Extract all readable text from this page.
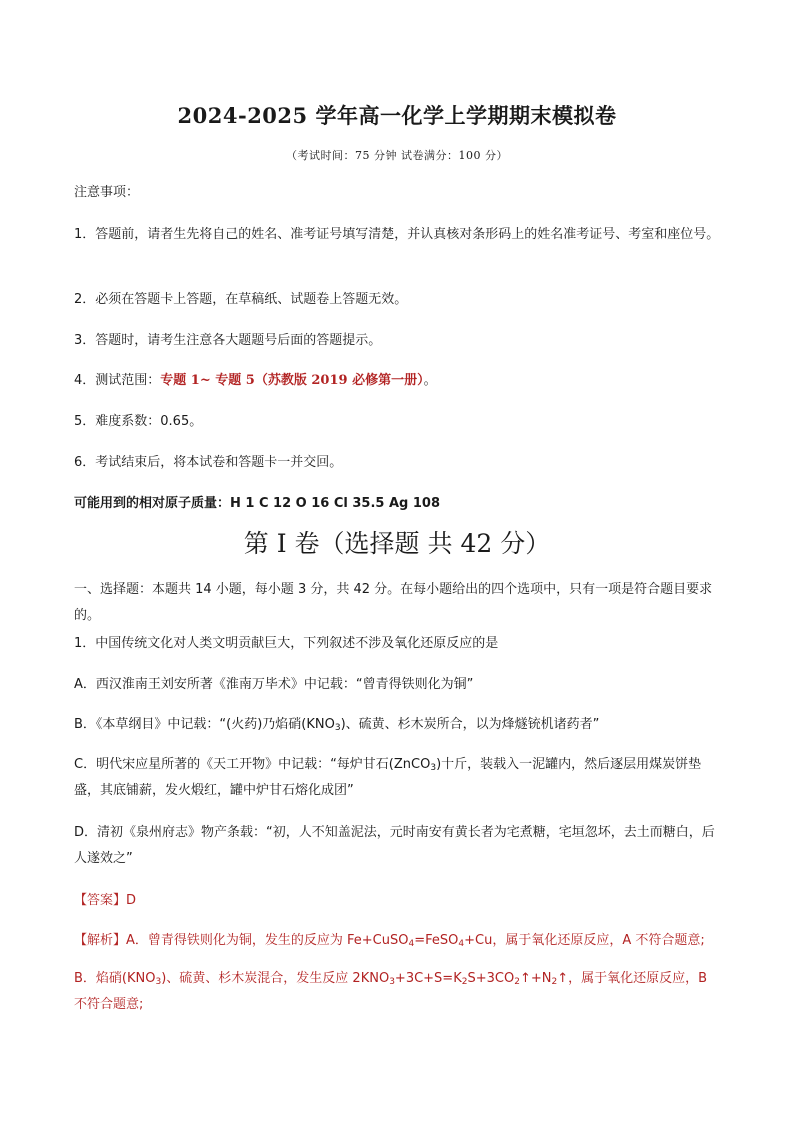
2024-2025 学年高一化学上学期期末模拟卷
（考试时间：75 分钟 试卷满分：100 分）
注意事项：
1．答题前，请者生先将自己的姓名、准考证号填写清楚，并认真核对条形码上的姓名准考证号、考室和座位号。
2．必须在答题卡上答题，在草稿纸、试题卷上答题无效。
3．答题时，请考生注意各大题题号后面的答题提示。
4．测试范围：专题 1~ 专题 5（苏教版 2019 必修第一册）。
5．难度系数：0.65。
6．考试结束后，将本试卷和答题卡一并交回。
可能用到的相对原子质量：H 1 C 12 O 16 Cl 35.5 Ag 108
第 I 卷（选择题 共 42 分）
一、选择题：本题共 14 小题，每小题 3 分，共 42 分。在每小题给出的四个选项中，只有一项是符合题目要求的。
1．中国传统文化对人类文明贡献巨大，下列叙述不涉及氧化还原反应的是
A．西汉淮南王刘安所著《淮南万毕术》中记载：“曾青得铁则化为铜”
B．《本草纲目》中记载：“(火药)乃焰硝$(KNO_3)$、硫黄、杉木炭所合，以为烽燧铳机诸药者”
C．明代宋应星所著的《天工开物》中记载：“每炉甘石(ZnCO$_3$)十斤，装载入一泥罐内，然后逐层用煤炭饼垫盛，其底铺薪，发火煅红，罐中炉甘石熔化成团”
D．清初《泉州府志》物产条载：“初，人不知盖泥法，元时南安有黄长者为宅煮糖，宅垣忽坏，去土而糖白，后人遂效之”
【答案】D
【解析】A．曾青得铁则化为铜，发生的反应为 Fe+CuSO$_4$=FeSO$_4$+Cu，属于氧化还原反应，A 不符合题意;
B．焰硝$(KNO_3)$、硫黄、杉木炭混合，发生反应 $2KNO_3+3C+S=K_2S+3CO_2↑+N_2↑$，属于氧化还原反应，B 不符合题意;
